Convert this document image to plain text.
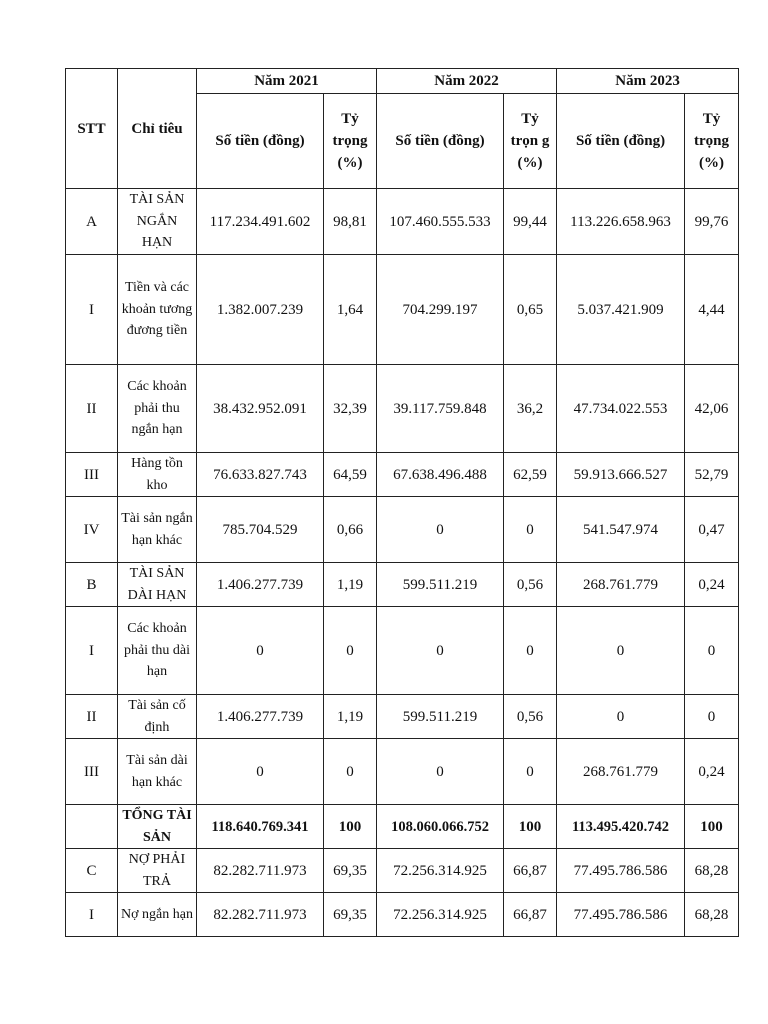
STT	Chỉ tiêu	Năm 2021		Năm 2022		Năm 2023	
		Số tiền (đồng)	Tỷ trọng (%)	Số tiền (đồng)	Tỷ trọn g (%)	Số tiền (đồng)	Tỷ trọng (%)
A	TÀI SẢN NGẮN HẠN	117.234.491.602	98,81	107.460.555.533	99,44	113.226.658.963	99,76
I	Tiền và các khoản tương đương tiền	1.382.007.239	1,64	704.299.197	0,65	5.037.421.909	4,44
II	Các khoản phải thu ngắn hạn	38.432.952.091	32,39	39.117.759.848	36,2	47.734.022.553	42,06
III	Hàng tồn kho	76.633.827.743	64,59	67.638.496.488	62,59	59.913.666.527	52,79
IV	Tài sản ngắn hạn khác	785.704.529	0,66	0	0	541.547.974	0,47
B	TÀI SẢN DÀI HẠN	1.406.277.739	1,19	599.511.219	0,56	268.761.779	0,24
I	Các khoản phải thu dài hạn	0	0	0	0	0	0
II	Tài sản cố định	1.406.277.739	1,19	599.511.219	0,56	0	0
III	Tài sản dài hạn khác	0	0	0	0	268.761.779	0,24
	TỔNG TÀI SẢN	118.640.769.341	100	108.060.066.752	100	113.495.420.742	100
C	NỢ PHẢI TRẢ	82.282.711.973	69,35	72.256.314.925	66,87	77.495.786.586	68,28
I	Nợ ngắn hạn	82.282.711.973	69,35	72.256.314.925	66,87	77.495.786.586	68,28
